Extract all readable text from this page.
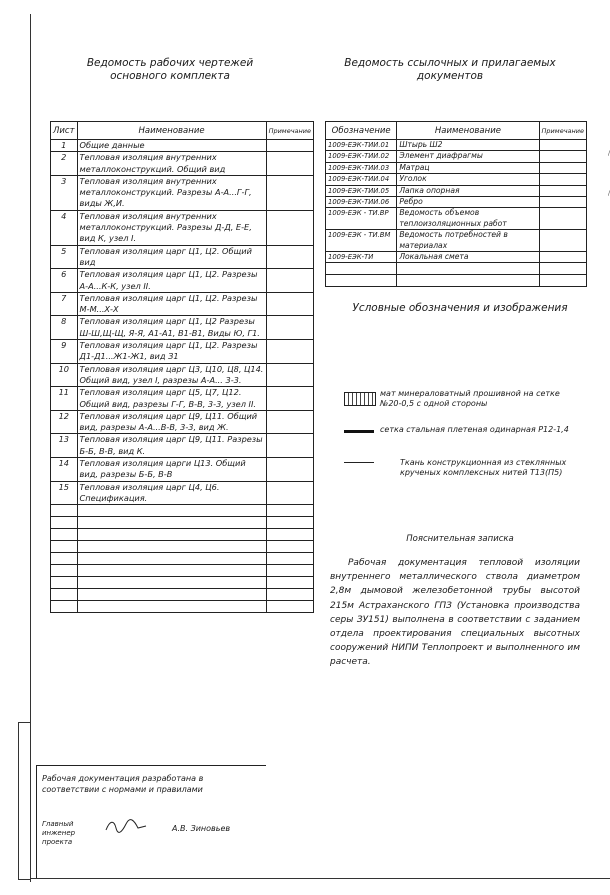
Ведомость рабочих чертежей основного комплекта
Ведомость ссылочных и прилагаемых документов
Лист	Наименование	Примечание
1	Общие данные	
2	Тепловая изоляция внутренних металлоконструкций. Общий вид	
3	Тепловая изоляция внутренних металлоконструкций. Разрезы А-А...Г-Г, виды Ж,И.	
4	Тепловая изоляция внутренних металлоконструкций. Разрезы Д-Д, Е-Е, вид К, узел I.	
5	Тепловая изоляция царг Ц1, Ц2. Общий вид	
6	Тепловая изоляция царг Ц1, Ц2. Разрезы А-А...К-К, узел II.	
7	Тепловая изоляция царг Ц1, Ц2. Разрезы М-М...Х-Х	
8	Тепловая изоляция царг Ц1, Ц2 Разрезы Ш-Ш,Щ-Щ, Я-Я, А1-А1, В1-В1, Виды Ю, Г1.	
9	Тепловая изоляция царг Ц1, Ц2. Разрезы Д1-Д1...Ж1-Ж1, вид З1	
10	Тепловая изоляция царг Ц3, Ц10, Ц8, Ц14. Общий вид, узел I, разрезы А-А... 3-3.	
11	Тепловая изоляция царг Ц5, Ц7, Ц12. Общий вид, разрезы Г-Г, В-В, 3-3, узел II.	
12	Тепловая изоляция царг Ц9, Ц11. Общий вид, разрезы А-А...В-В, 3-3, вид Ж.	
13	Тепловая изоляция царг Ц9, Ц11. Разрезы Б-Б, В-В, вид К.	
14	Тепловая изоляция царги Ц13. Общий вид, разрезы Б-Б, В-В	
15	Тепловая изоляция царг Ц4, Ц6. Спецификация.	

Обозначение	Наименование	Примечание
1009-ЕЭК-ТИИ.01	Штырь Ш2	
1009-ЕЭК-ТИИ.02	Элемент диафрагмы	
1009-ЕЭК-ТИИ.03	Матрац	
1009-ЕЭК-ТИИ.04	Уголок	
1009-ЕЭК-ТИИ.05	Лапка опорная	
1009-ЕЭК-ТИИ.06	Ребро	
1009-ЕЭК - ТИ.ВР	Ведомость объемов теплоизоляционных работ	
1009-ЕЭК - ТИ.ВМ	Ведомость потребностей в материалах	
1009-ЕЭК-ТИ	Локальная смета	

Условные обозначения и изображения
мат минераловатный прошивной на сетке №20-0,5 с одной стороны
сетка стальная плетеная одинарная Р12-1,4
Ткань конструкционная из стеклянных крученых комплексных нитей Т13(П5)
Пояснительная записка
Рабочая документация тепловой изоляции внутреннего металлического ствола диаметром 2,8м дымовой железобетонной трубы высотой 215м Астраханского ГПЗ (Установка производства серы ЗУ151) выполнена в соответствии с заданием отдела проектирования специальных высотных сооружений НИПИ Теплопроект и выполненного им расчета.
Рабочая документация разработана в соответствии с нормами и правилами
Главный инженер проекта
А.В. Зиновьев
/
/
